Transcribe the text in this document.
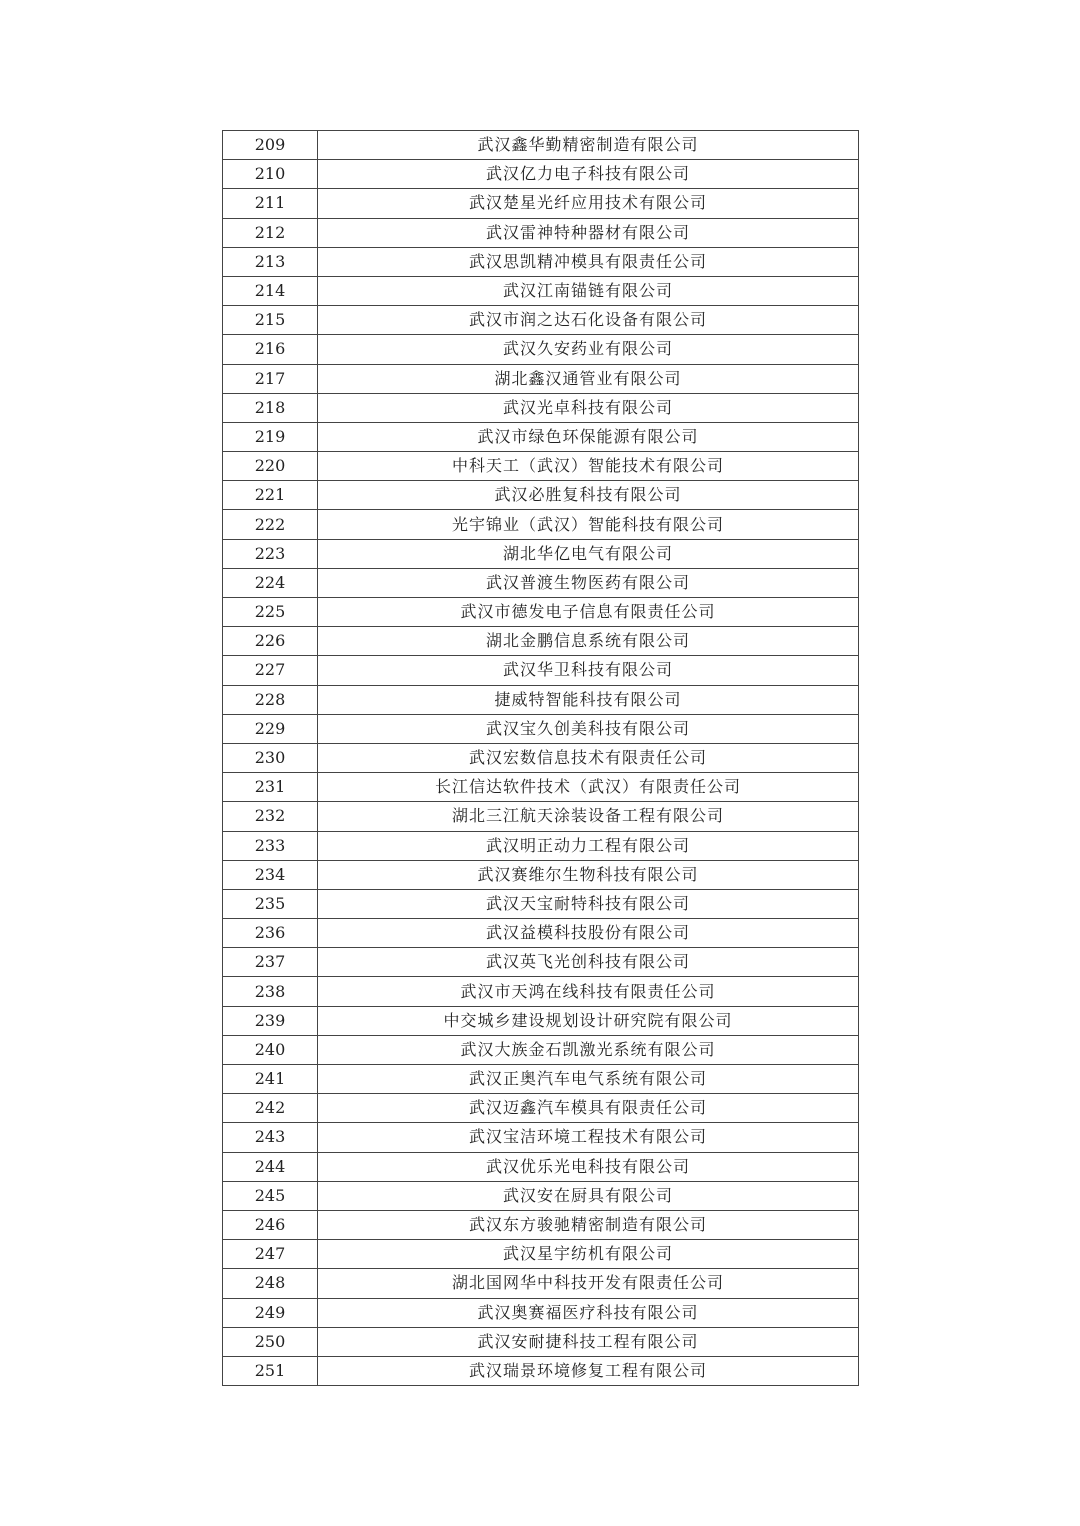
209	武汉鑫华勤精密制造有限公司
210	武汉亿力电子科技有限公司
211	武汉楚星光纤应用技术有限公司
212	武汉雷神特种器材有限公司
213	武汉思凯精冲模具有限责任公司
214	武汉江南锚链有限公司
215	武汉市润之达石化设备有限公司
216	武汉久安药业有限公司
217	湖北鑫汉通管业有限公司
218	武汉光卓科技有限公司
219	武汉市绿色环保能源有限公司
220	中科天工（武汉）智能技术有限公司
221	武汉必胜复科技有限公司
222	光宇锦业（武汉）智能科技有限公司
223	湖北华亿电气有限公司
224	武汉普渡生物医药有限公司
225	武汉市德发电子信息有限责任公司
226	湖北金鹏信息系统有限公司
227	武汉华卫科技有限公司
228	捷威特智能科技有限公司
229	武汉宝久创美科技有限公司
230	武汉宏数信息技术有限责任公司
231	长江信达软件技术（武汉）有限责任公司
232	湖北三江航天涂装设备工程有限公司
233	武汉明正动力工程有限公司
234	武汉赛维尔生物科技有限公司
235	武汉天宝耐特科技有限公司
236	武汉益模科技股份有限公司
237	武汉英飞光创科技有限公司
238	武汉市天鸿在线科技有限责任公司
239	中交城乡建设规划设计研究院有限公司
240	武汉大族金石凯激光系统有限公司
241	武汉正奥汽车电气系统有限公司
242	武汉迈鑫汽车模具有限责任公司
243	武汉宝洁环境工程技术有限公司
244	武汉优乐光电科技有限公司
245	武汉安在厨具有限公司
246	武汉东方骏驰精密制造有限公司
247	武汉星宇纺机有限公司
248	湖北国网华中科技开发有限责任公司
249	武汉奥赛福医疗科技有限公司
250	武汉安耐捷科技工程有限公司
251	武汉瑞景环境修复工程有限公司
